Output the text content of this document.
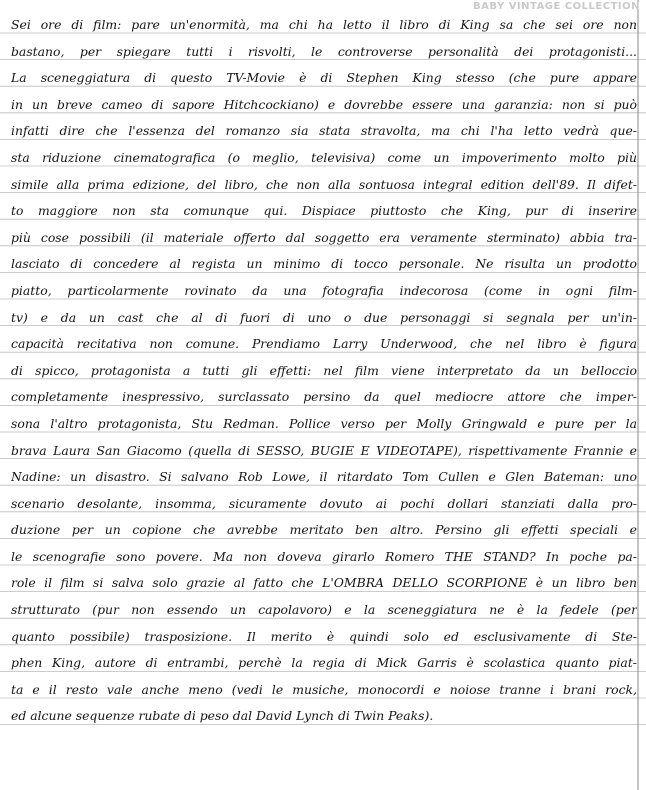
BABY VINTAGE COLLECTION
Sei ore di film: pare un'enormità, ma chi ha letto il libro di King sa che sei ore non
bastano, per spiegare tutti i risvolti, le controverse personalità dei protagonisti...
La sceneggiatura di questo TV-Movie è di Stephen King stesso (che pure appare
in un breve cameo di sapore Hitchcockiano) e dovrebbe essere una garanzia: non si può
infatti dire che l'essenza del romanzo sia stata stravolta, ma chi l'ha letto vedrà que-
sta riduzione cinematografica (o meglio, televisiva) come un impoverimento molto più
simile alla prima edizione, del libro, che non alla sontuosa integral edition dell'89. Il difet-
to maggiore non sta comunque qui. Dispiace piuttosto che King, pur di inserire
più cose possibili (il materiale offerto dal soggetto era veramente sterminato) abbia tra-
lasciato di concedere al regista un minimo di tocco personale. Ne risulta un prodotto
piatto, particolarmente rovinato da una fotografia indecorosa (come in ogni film-
tv) e da un cast che al di fuori di uno o due personaggi si segnala per un'in-
capacità recitativa non comune. Prendiamo Larry Underwood, che nel libro è figura
di spicco, protagonista a tutti gli effetti: nel film viene interpretato da un belloccio
completamente inespressivo, surclassato persino da quel mediocre attore che imper-
sona l'altro protagonista, Stu Redman. Pollice verso per Molly Gringwald e pure per la
brava Laura San Giacomo (quella di SESSO, BUGIE E VIDEOTAPE), rispettivamente Frannie e
Nadine: un disastro. Si salvano Rob Lowe, il ritardato Tom Cullen e Glen Bateman: uno
scenario desolante, insomma, sicuramente dovuto ai pochi dollari stanziati dalla pro-
duzione per un copione che avrebbe meritato ben altro. Persino gli effetti speciali e
le scenografie sono povere. Ma non doveva girarlo Romero THE STAND? In poche pa-
role il film si salva solo grazie al fatto che L'OMBRA DELLO SCORPIONE è un libro ben
strutturato (pur non essendo un capolavoro) e la sceneggiatura ne è la fedele (per
quanto possibile) trasposizione. Il merito è quindi solo ed esclusivamente di Ste-
phen King, autore di entrambi, perchè la regia di Mick Garris è scolastica quanto piat-
ta e il resto vale anche meno (vedi le musiche, monocordi e noiose tranne i brani rock,
ed alcune sequenze rubate di peso dal David Lynch di Twin Peaks).
